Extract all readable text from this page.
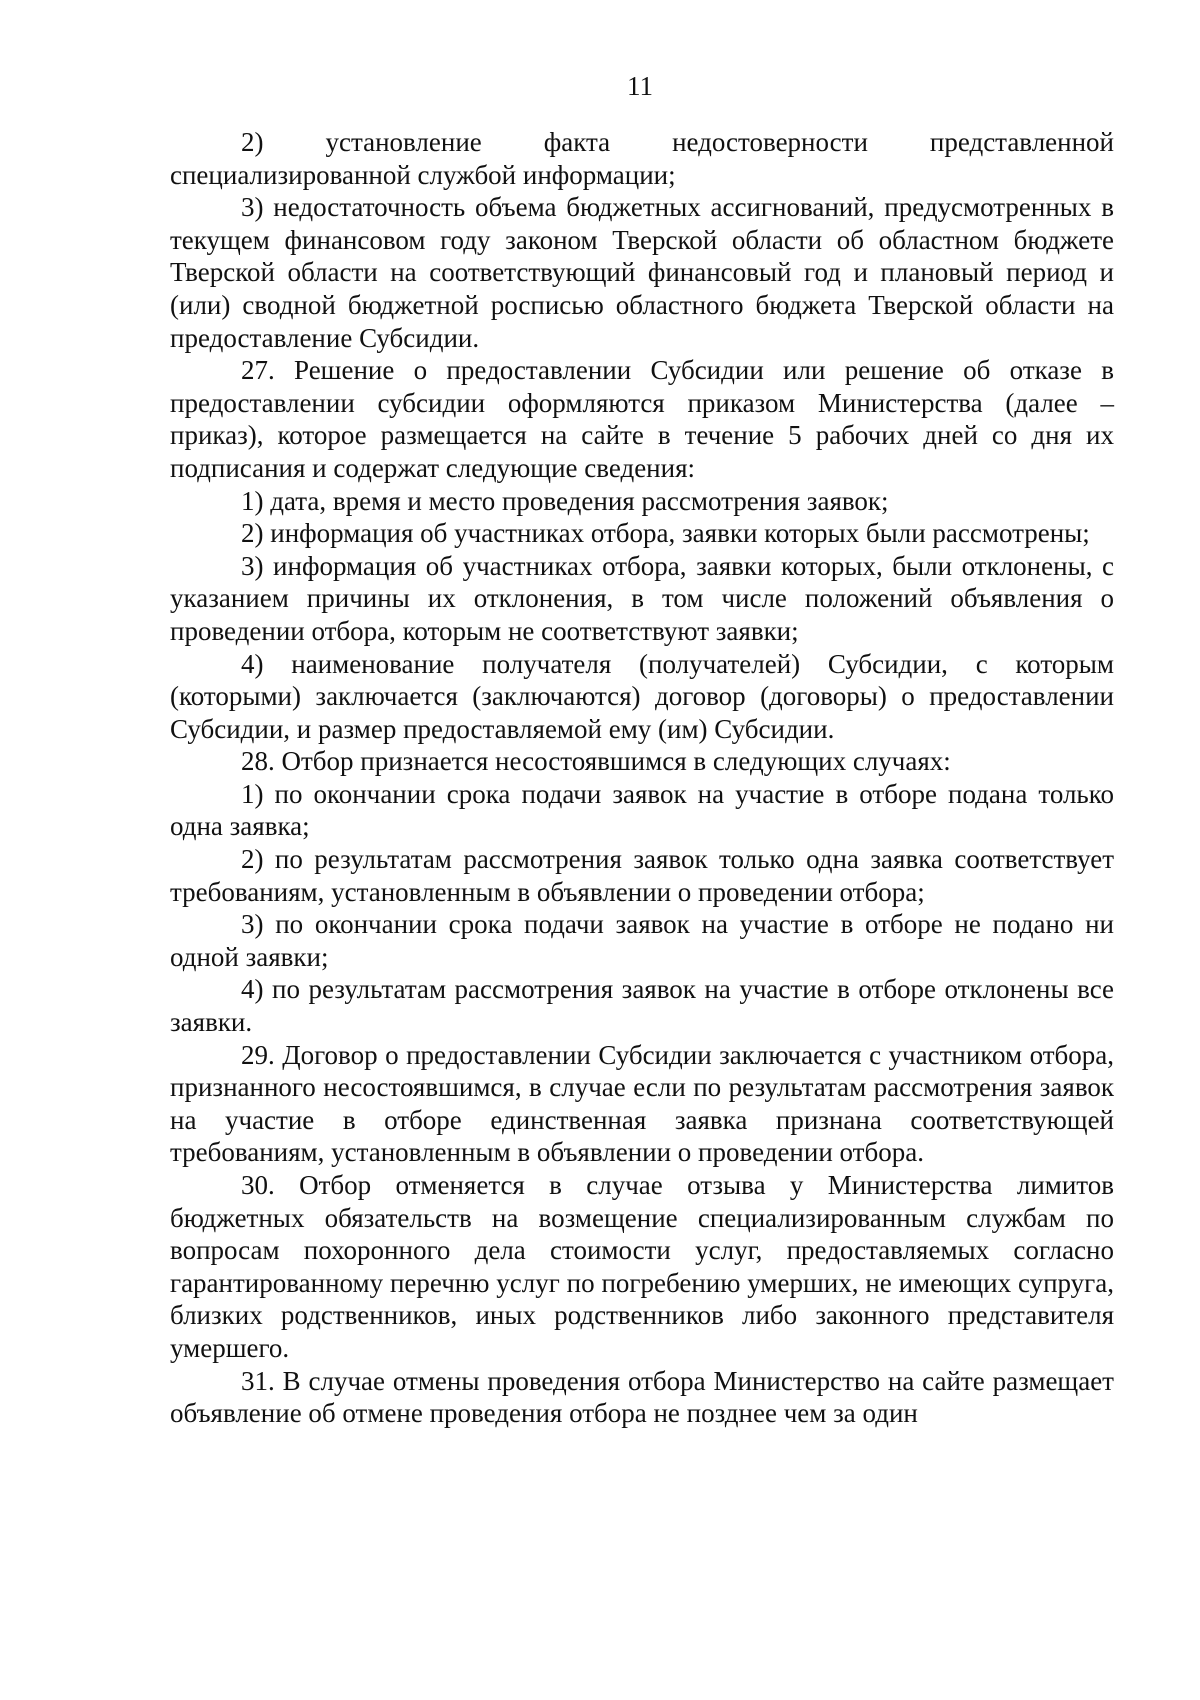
11

2) установление факта недостоверности представленной специализированной службой информации;

3) недостаточность объема бюджетных ассигнований, предусмотренных в текущем финансовом году законом Тверской области об областном бюджете Тверской области на соответствующий финансовый год и плановый период и (или) сводной бюджетной росписью областного бюджета Тверской области на предоставление Субсидии.

27. Решение о предоставлении Субсидии или решение об отказе в предоставлении субсидии оформляются приказом Министерства (далее – приказ), которое размещается на сайте в течение 5 рабочих дней со дня их подписания и содержат следующие сведения:

1) дата, время и место проведения рассмотрения заявок;

2) информация об участниках отбора, заявки которых были рассмотрены;

3) информация об участниках отбора, заявки которых, были отклонены, с указанием причины их отклонения, в том числе положений объявления о проведении отбора, которым не соответствуют заявки;

4) наименование получателя (получателей) Субсидии, с которым (которыми) заключается (заключаются) договор (договоры) о предоставлении Субсидии, и размер предоставляемой ему (им) Субсидии.

28. Отбор признается несостоявшимся в следующих случаях:

1) по окончании срока подачи заявок на участие в отборе подана только одна заявка;

2) по результатам рассмотрения заявок только одна заявка соответствует требованиям, установленным в объявлении о проведении отбора;

3) по окончании срока подачи заявок на участие в отборе не подано ни одной заявки;

4) по результатам рассмотрения заявок на участие в отборе отклонены все заявки.

29. Договор о предоставлении Субсидии заключается с участником отбора, признанного несостоявшимся, в случае если по результатам рассмотрения заявок на участие в отборе единственная заявка признана соответствующей требованиям, установленным в объявлении о проведении отбора.

30. Отбор отменяется в случае отзыва у Министерства лимитов бюджетных обязательств на возмещение специализированным службам по вопросам похоронного дела стоимости услуг, предоставляемых согласно гарантированному перечню услуг по погребению умерших, не имеющих супруга, близких родственников, иных родственников либо законного представителя умершего.

31. В случае отмены проведения отбора Министерство на сайте размещает объявление об отмене проведения отбора не позднее чем за один
